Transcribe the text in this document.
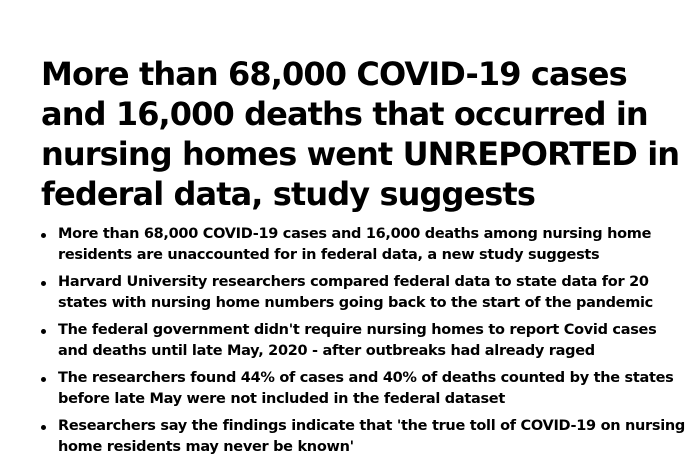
More than 68,000 COVID-19 cases and 16,000 deaths that occurred in nursing homes went UNREPORTED in federal data, study suggests
More than 68,000 COVID-19 cases and 16,000 deaths among nursing home residents are unaccounted for in federal data, a new study suggests
Harvard University researchers compared federal data to state data for 20 states with nursing home numbers going back to the start of the pandemic
The federal government didn't require nursing homes to report Covid cases and deaths until late May, 2020 - after outbreaks had already raged
The researchers found 44% of cases and 40% of deaths counted by the states before late May were not included in the federal dataset
Researchers say the findings indicate that 'the true toll of COVID-19 on nursing home residents may never be known'
